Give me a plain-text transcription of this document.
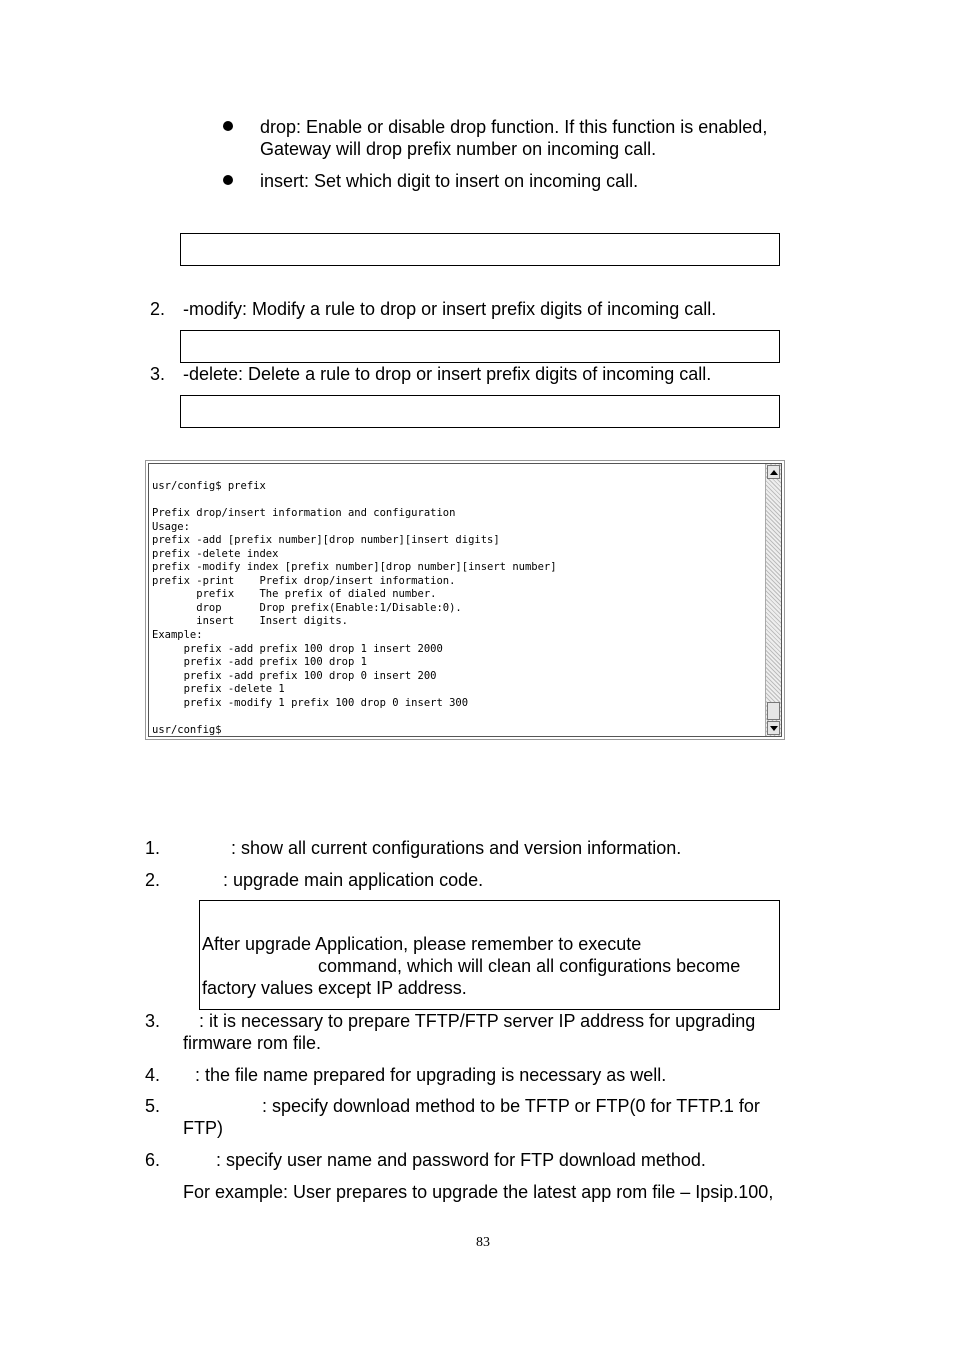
drop: Enable or disable drop function. If this function is enabled,
Gateway will drop prefix number on incoming call.
insert: Set which digit to insert on incoming call.
2. -modify: Modify a rule to drop or insert prefix digits of incoming call.
3. -delete: Delete a rule to drop or insert prefix digits of incoming call.
usr/config$ prefix

Prefix drop/insert information and configuration
Usage:
prefix -add [prefix number][drop number][insert digits]
prefix -delete index
prefix -modify index [prefix number][drop number][insert number]
prefix -print    Prefix drop/insert information.
prefix    The prefix of dialed number.
drop      Drop prefix(Enable:1/Disable:0).
insert    Insert digits.
Example:
prefix -add prefix 100 drop 1 insert 2000
prefix -add prefix 100 drop 1
prefix -add prefix 100 drop 0 insert 200
prefix -delete 1
prefix -modify 1 prefix 100 drop 0 insert 300

usr/config$
1.	: show all current configurations and version information.
2.	: upgrade main application code.
After upgrade Application, please remember to execute
command, which will clean all configurations become
factory values except IP address.
3. : it is necessary to prepare TFTP/FTP server IP address for upgrading
firmware rom file.
4. : the file name prepared for upgrading is necessary as well.
5.	: specify download method to be TFTP or FTP(0 for TFTP.1 for
FTP)
6.	: specify user name and password for FTP download method.
For example: User prepares to upgrade the latest app rom file – Ipsip.100,
83
